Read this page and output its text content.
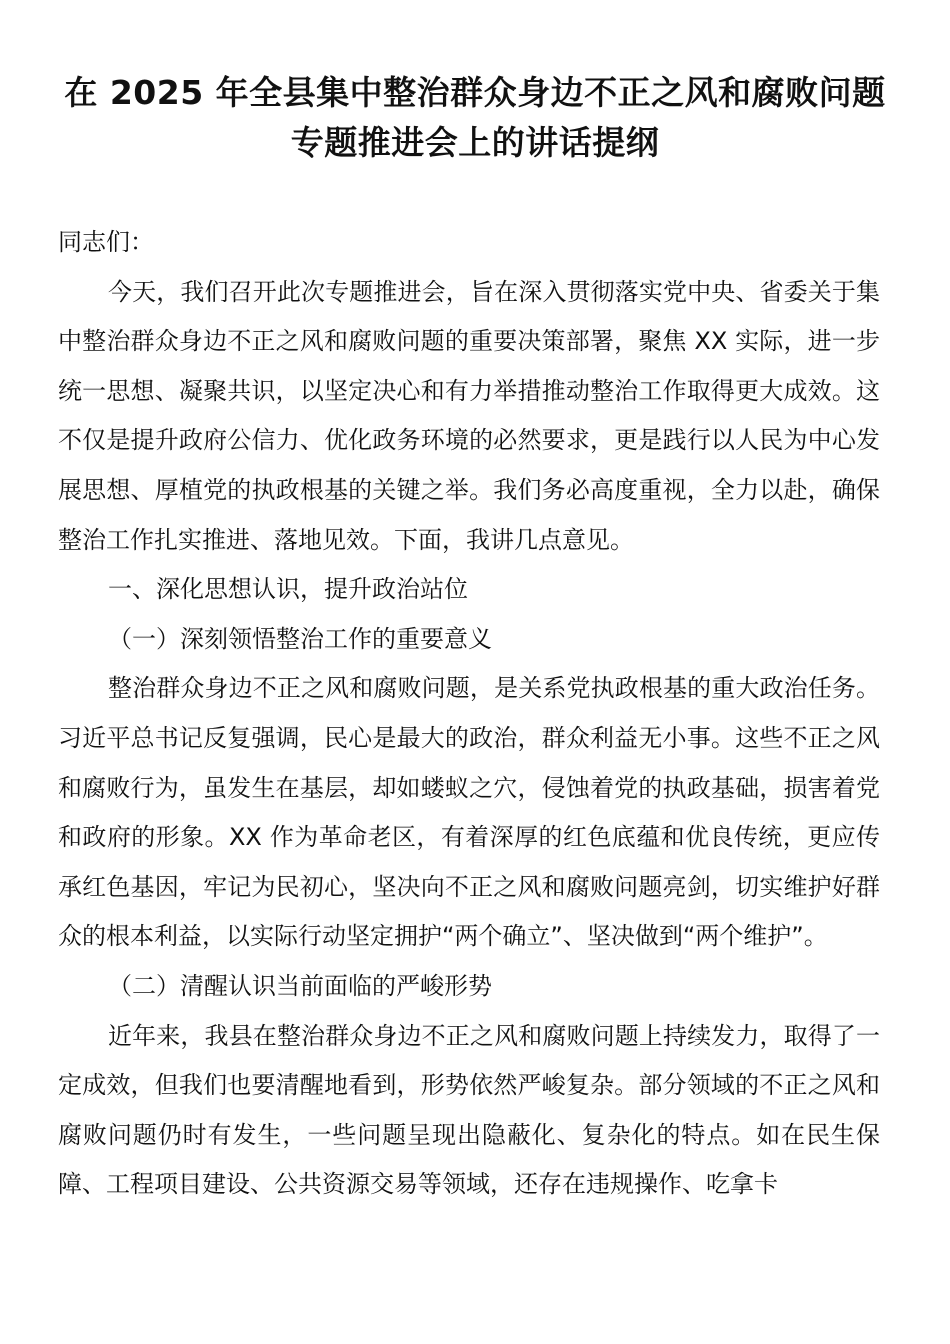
在 2025 年全县集中整治群众身边不正之风和腐败问题专题推进会上的讲话提纲

同志们：

今天，我们召开此次专题推进会，旨在深入贯彻落实党中央、省委关于集中整治群众身边不正之风和腐败问题的重要决策部署，聚焦 XX 实际，进一步统一思想、凝聚共识，以坚定决心和有力举措推动整治工作取得更大成效。这不仅是提升政府公信力、优化政务环境的必然要求，更是践行以人民为中心发展思想、厚植党的执政根基的关键之举。我们务必高度重视，全力以赴，确保整治工作扎实推进、落地见效。下面，我讲几点意见。

一、深化思想认识，提升政治站位

（一）深刻领悟整治工作的重要意义

整治群众身边不正之风和腐败问题，是关系党执政根基的重大政治任务。习近平总书记反复强调，民心是最大的政治，群众利益无小事。这些不正之风和腐败行为，虽发生在基层，却如蝼蚁之穴，侵蚀着党的执政基础，损害着党和政府的形象。XX 作为革命老区，有着深厚的红色底蕴和优良传统，更应传承红色基因，牢记为民初心，坚决向不正之风和腐败问题亮剑，切实维护好群众的根本利益，以实际行动坚定拥护“两个确立”、坚决做到“两个维护”。

（二）清醒认识当前面临的严峻形势

近年来，我县在整治群众身边不正之风和腐败问题上持续发力，取得了一定成效，但我们也要清醒地看到，形势依然严峻复杂。部分领域的不正之风和腐败问题仍时有发生，一些问题呈现出隐蔽化、复杂化的特点。如在民生保障、工程项目建设、公共资源交易等领域，还存在违规操作、吃拿卡
